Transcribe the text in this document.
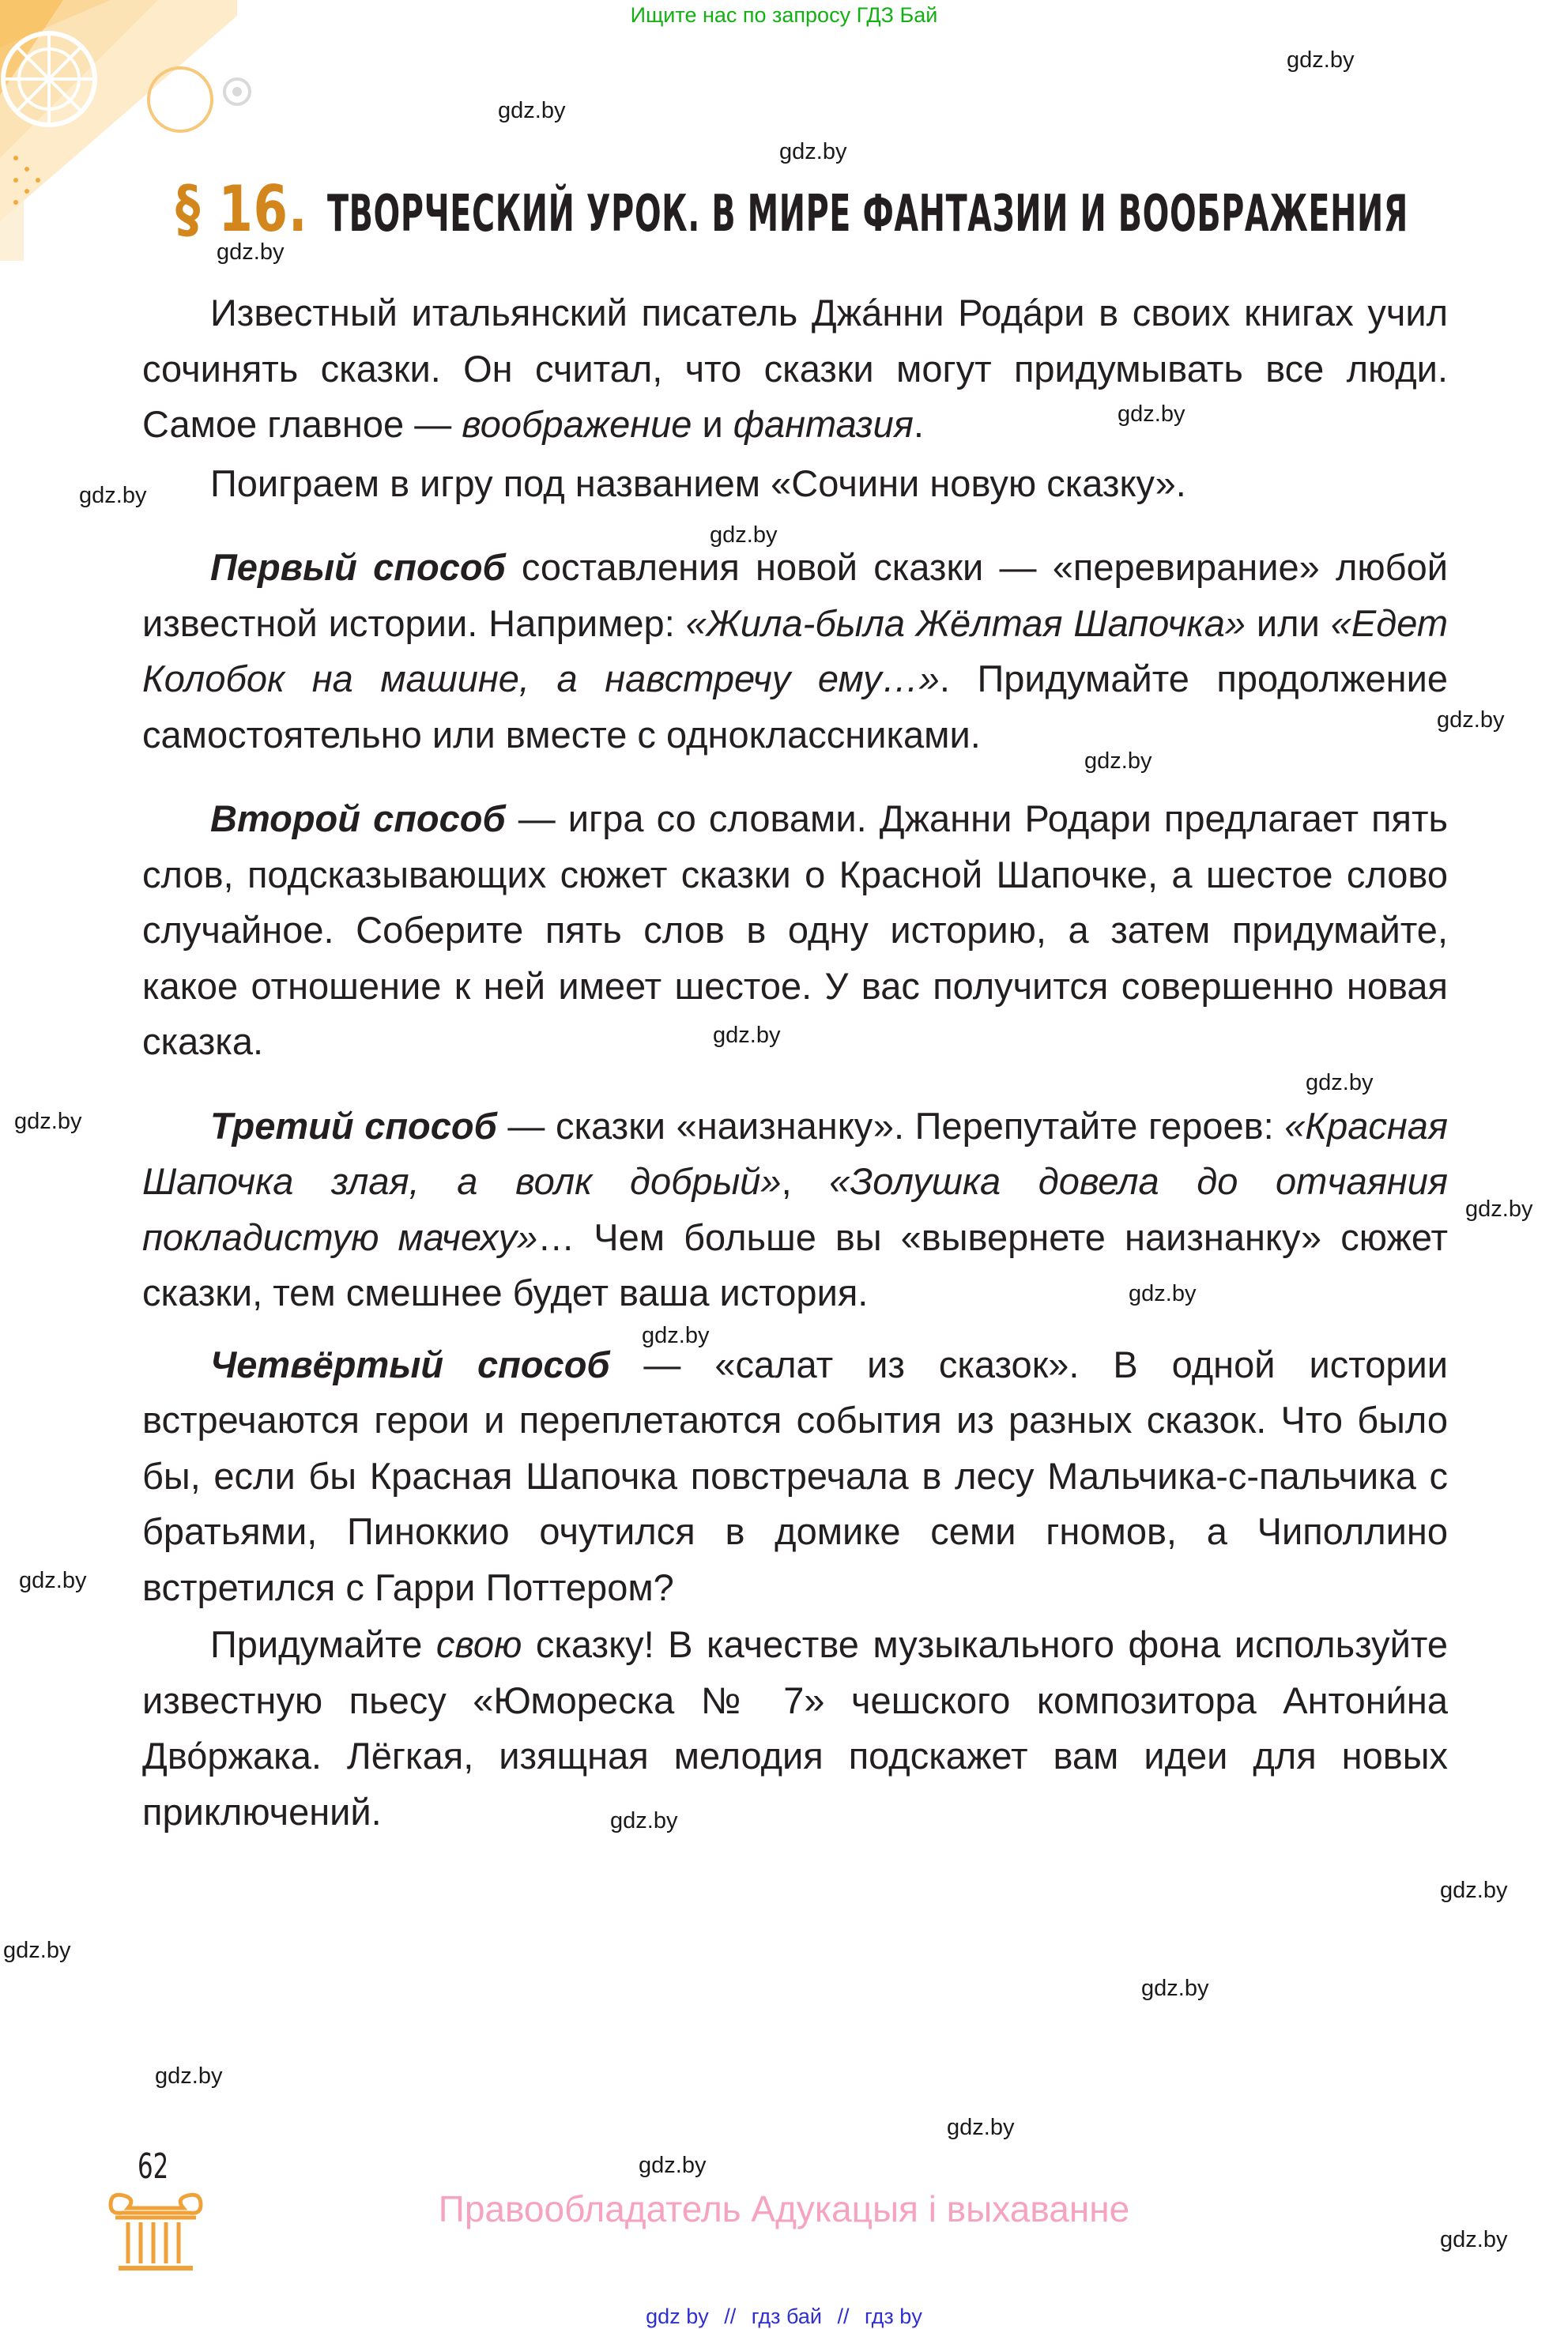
Ищите нас по запросу ГДЗ Бай
§ 16. ТВОРЧЕСКИЙ УРОК. В МИРЕ ФАНТАЗИИ И ВООБРАЖЕНИЯ

Известный итальянский писатель Джáнни Родáри в своих книгах учил сочинять сказки. Он считал, что сказки могут придумывать все люди. Самое главное — воображение и фантазия.

Поиграем в игру под названием «Сочини новую сказку».

Первый способ составления новой сказки — «перевирание» любой известной истории. Например: «Жила-была Жёлтая Шапочка» или «Едет Колобок на машине, а навстречу ему…». Придумайте продолжение самостоятельно или вместе с одноклассниками.

Второй способ — игра со словами. Джанни Родари предлагает пять слов, подсказывающих сюжет сказки о Красной Шапочке, а шестое слово случайное. Соберите пять слов в одну историю, а затем придумайте, какое отношение к ней имеет шестое. У вас получится совершенно новая сказка.

Третий способ — сказки «наизнанку». Перепутайте героев: «Красная Шапочка злая, а волк добрый», «Золушка довела до отчаяния покладистую мачеху»… Чем больше вы «вывернете наизнанку» сюжет сказки, тем смешнее будет ваша история.

Четвёртый способ — «салат из сказок». В одной истории встречаются герои и переплетаются события из разных сказок. Что было бы, если бы Красная Шапочка повстречала в лесу Мальчика-с-пальчика с братьями, Пиноккио очутился в домике семи гномов, а Чиполлино встретился с Гарри Поттером?

Придумайте свою сказку! В качестве музыкального фона используйте известную пьесу «Юмореска № 7» чешского композитора Антони́на Дво́ржака. Лёгкая, изящная мелодия подскажет вам идеи для новых приключений.

gdz.by
gdz.by
gdz.by
gdz.by
gdz.by
gdz.by
gdz.by
gdz.by
gdz.by
gdz.by
gdz.by
gdz.by
gdz.by
gdz.by
gdz.by
gdz.by
gdz.by
gdz.by
gdz.by
gdz.by
gdz.by
gdz.by
gdz.by
gdz.by
62
Правообладатель Адукацыя і выхаванне
gdz by // гдз бай // гдз by
